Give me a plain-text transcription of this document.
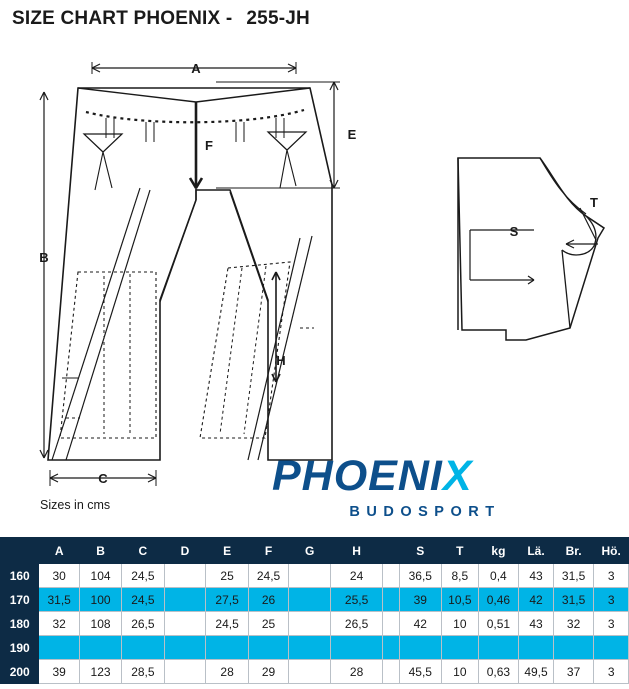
SIZE CHART PHOENIX - 255-JH
A
B
C
E
F
H
S
T
Sizes in cms
PHOENIX
BUDOSPORT
	A	B	C	D	E	F	G	H		S	T	kg	Lä.	Br.	Hö.
160	30	104	24,5		25	24,5		24		36,5	8,5	0,4	43	31,5	3
170	31,5	100	24,5		27,5	26		25,5		39	10,5	0,46	42	31,5	3
180	32	108	26,5		24,5	25		26,5		42	10	0,51	43	32	3
190															
200	39	123	28,5		28	29		28		45,5	10	0,63	49,5	37	3
